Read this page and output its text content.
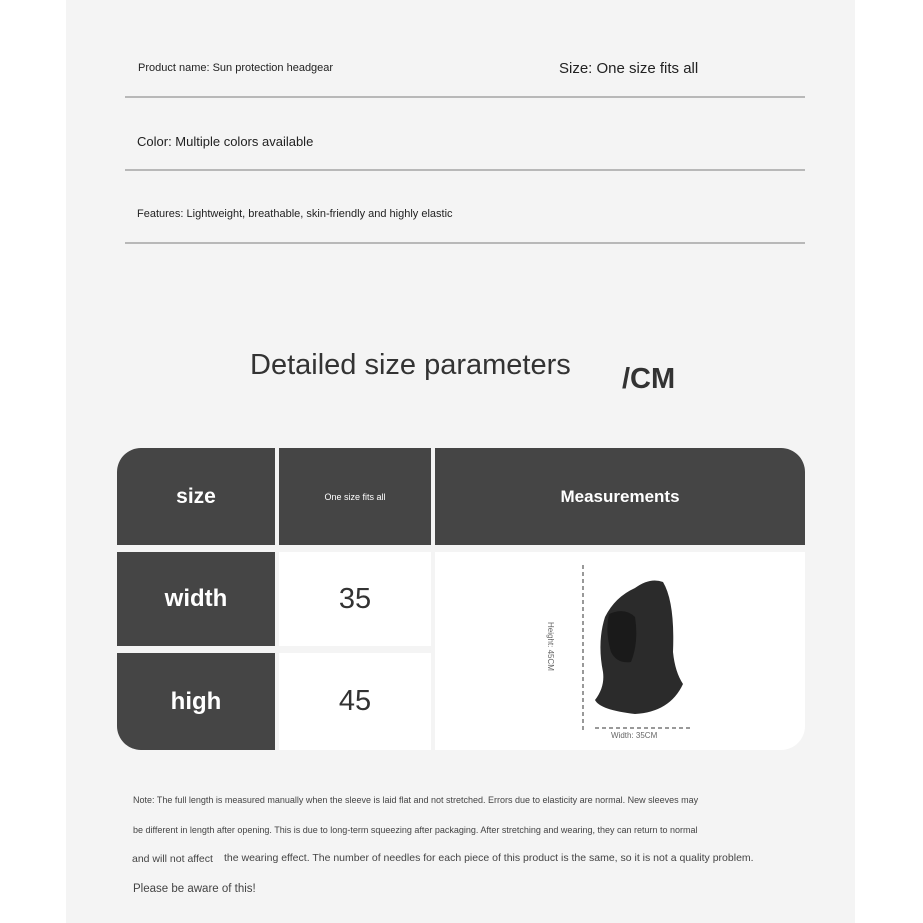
Product name: Sun protection headgear	Size: One size fits all
Color: Multiple colors available
Features: Lightweight, breathable, skin-friendly and highly elastic
Detailed size parameters /CM
size	One size fits all	Measurements
width	35
high	45
Height: 45CM
Width: 35CM
Note: The full length is measured manually when the sleeve is laid flat and not stretched. Errors due to elasticity are normal. New sleeves may
be different in length after opening. This is due to long-term squeezing after packaging. After stretching and wearing, they can return to normal
and will not affect the wearing effect. The number of needles for each piece of this product is the same, so it is not a quality problem.
Please be aware of this!
